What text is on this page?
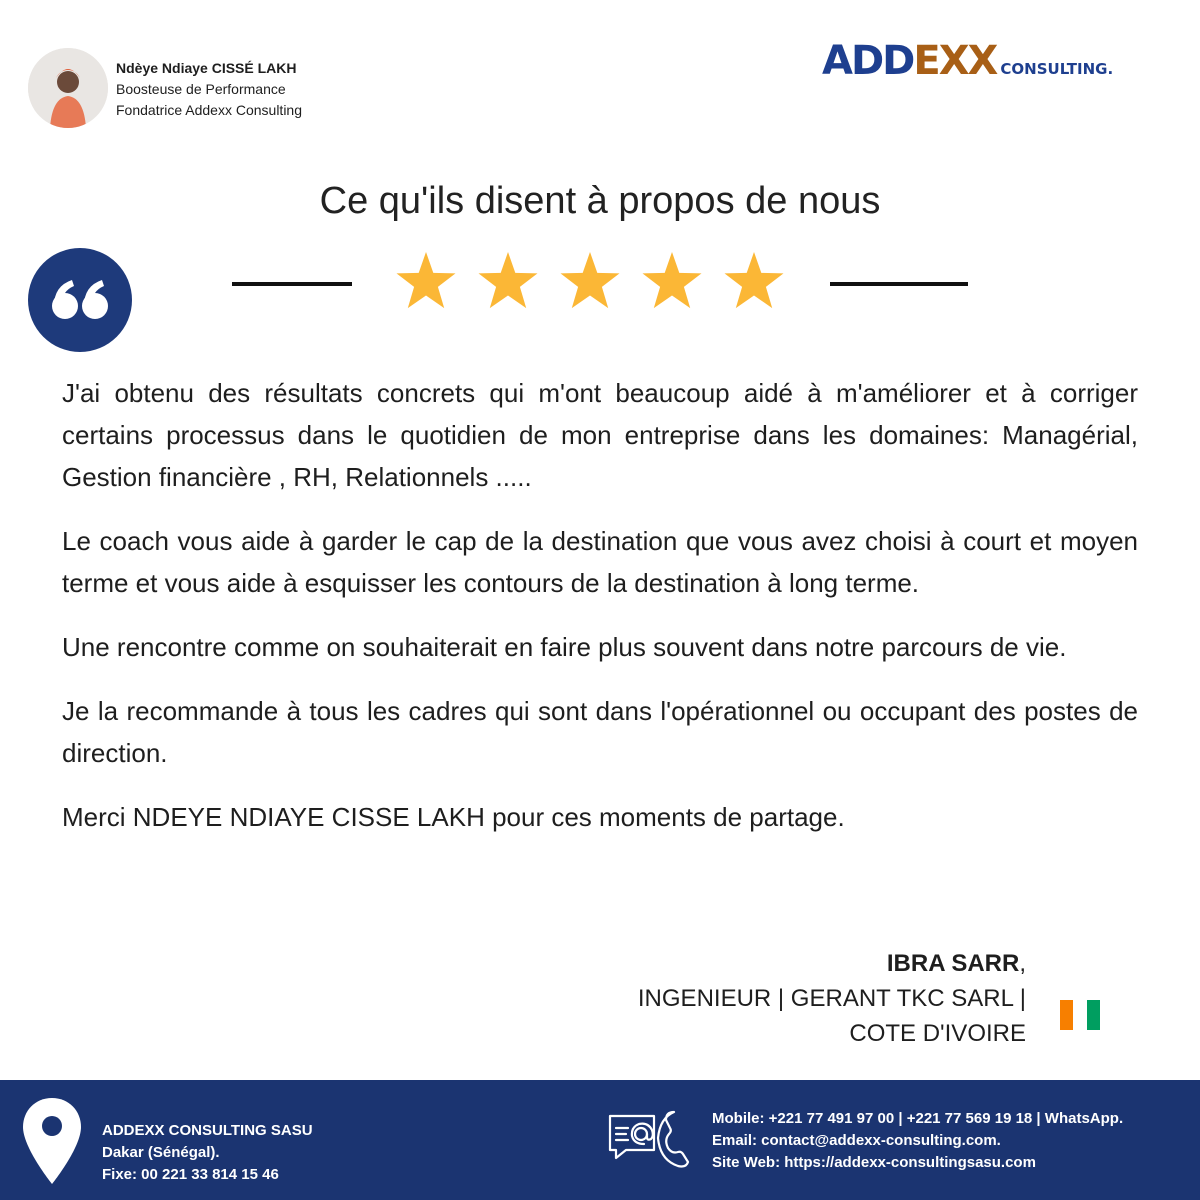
Ndèye Ndiaye CISSÉ LAKH
Boosteuse de Performance
Fondatrice Addexx Consulting
ADDEXX CONSULTING.
Ce qu'ils disent à propos de nous

J'ai obtenu des résultats concrets qui m'ont beaucoup aidé à m'améliorer et à corriger certains processus dans le quotidien de mon entreprise dans les domaines: Managérial, Gestion financière , RH, Relationnels .....

Le coach vous aide à garder le cap de la destination que vous avez choisi à court et moyen terme et vous aide à esquisser les contours de la destination à long terme.

Une rencontre comme on souhaiterait en faire plus souvent dans notre parcours de vie.

Je la recommande à tous les cadres qui sont dans l'opérationnel ou occupant des postes de direction.

Merci NDEYE NDIAYE CISSE LAKH pour ces moments de partage.

IBRA SARR,
INGENIEUR | GERANT TKC SARL |
COTE D'IVOIRE
ADDEXX CONSULTING SASU
Dakar (Sénégal).
Fixe: 00 221 33 814 15 46
Mobile: +221 77 491 97 00 | +221 77 569 19 18 | WhatsApp.
Email: contact@addexx-consulting.com.
Site Web: https://addexx-consultingsasu.com
